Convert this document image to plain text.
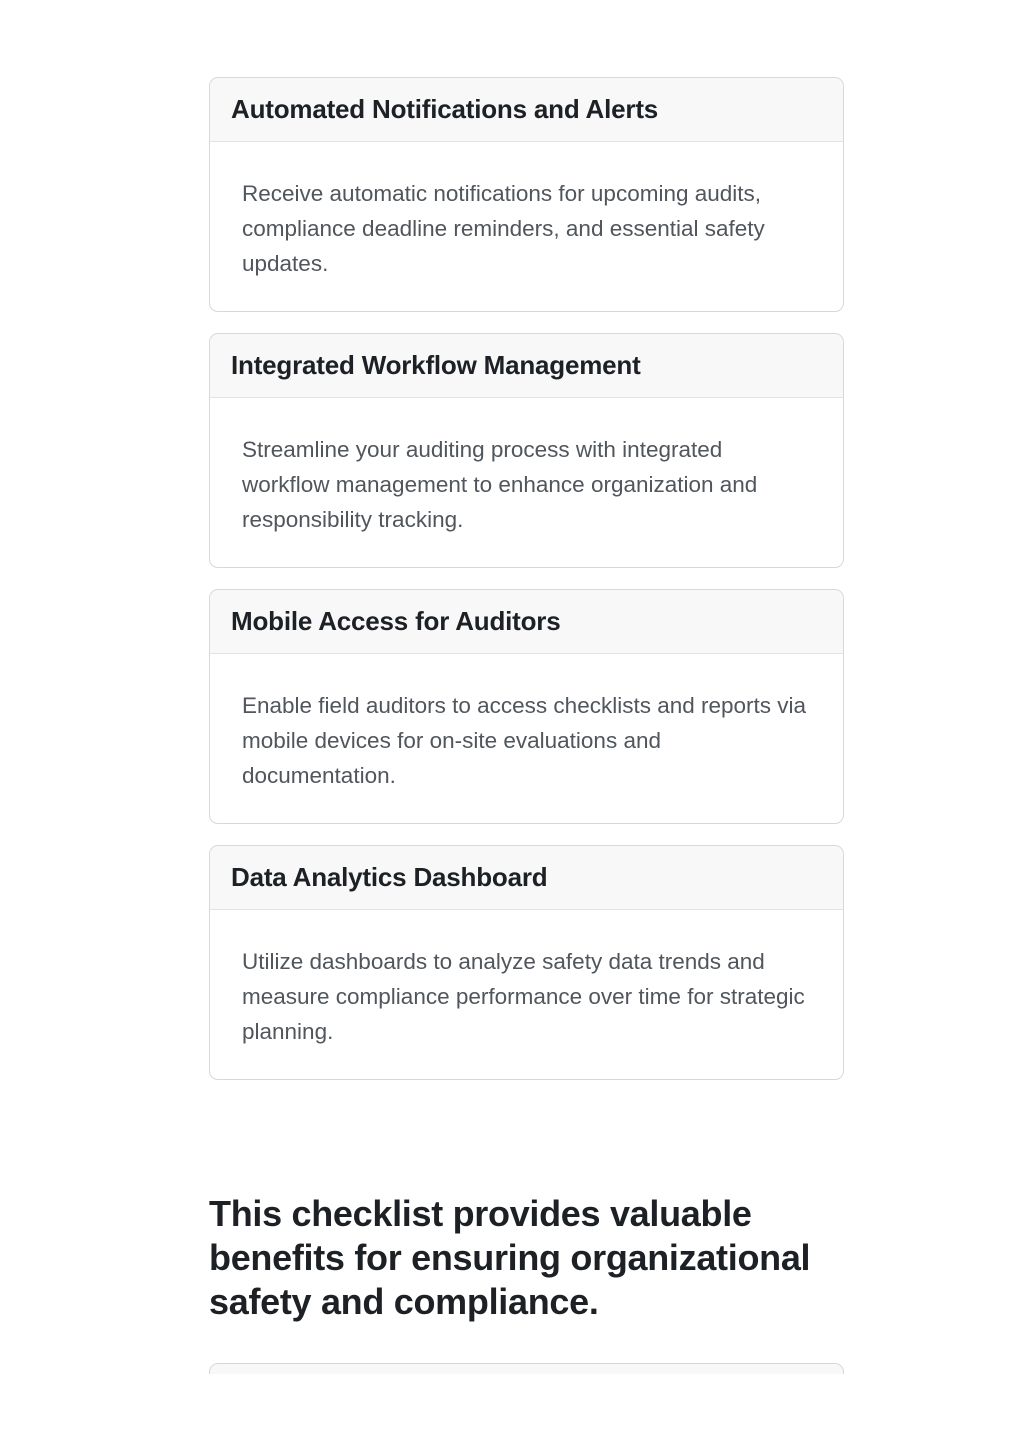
Automated Notifications and Alerts

Receive automatic notifications for upcoming audits, compliance deadline reminders, and essential safety updates.

Integrated Workflow Management

Streamline your auditing process with integrated workflow management to enhance organization and responsibility tracking.

Mobile Access for Auditors

Enable field auditors to access checklists and reports via mobile devices for on-site evaluations and documentation.

Data Analytics Dashboard

Utilize dashboards to analyze safety data trends and measure compliance performance over time for strategic planning.

This checklist provides valuable benefits for ensuring organizational safety and compliance.
